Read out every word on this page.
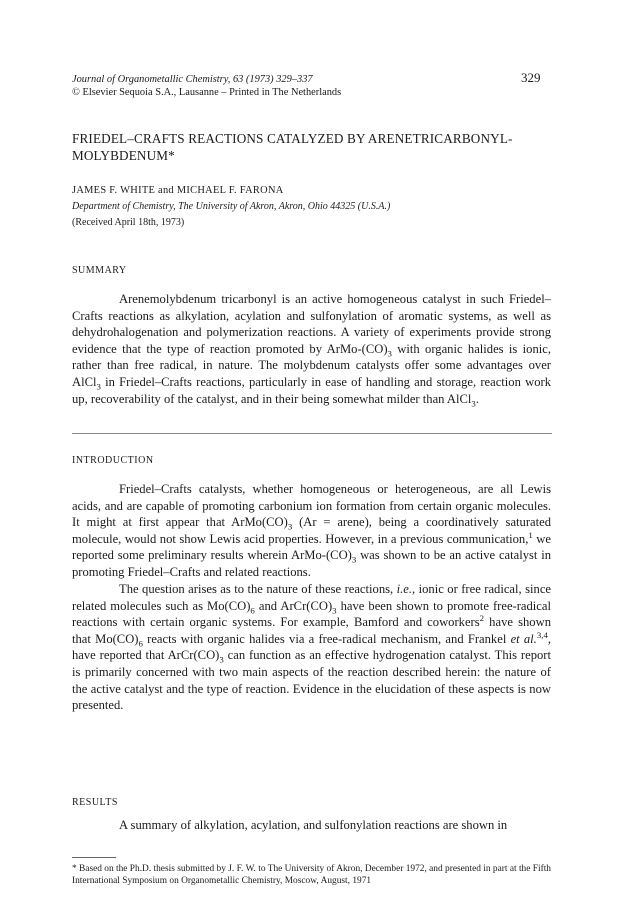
Journal of Organometallic Chemistry, 63 (1973) 329–337
© Elsevier Sequoia S.A., Lausanne – Printed in The Netherlands
329
FRIEDEL–CRAFTS REACTIONS CATALYZED BY ARENETRICARBONYL-
MOLYBDENUM*
JAMES F. WHITE and MICHAEL F. FARONA
Department of Chemistry, The University of Akron, Akron, Ohio 44325 (U.S.A.)
(Received April 18th, 1973)
SUMMARY
Arenemolybdenum tricarbonyl is an active homogeneous catalyst in such Friedel–Crafts reactions as alkylation, acylation and sulfonylation of aromatic systems, as well as dehydrohalogenation and polymerization reactions. A variety of experiments provide strong evidence that the type of reaction promoted by ArMo-$(CO)_3$ with organic halides is ionic, rather than free radical, in nature. The molybdenum catalysts offer some advantages over AlCl$_3$ in Friedel–Crafts reactions, particularly in ease of handling and storage, reaction work up, recoverability of the catalyst, and in their being somewhat milder than AlCl$_3$.
INTRODUCTION
Friedel–Crafts catalysts, whether homogeneous or heterogeneous, are all Lewis acids, and are capable of promoting carbonium ion formation from certain organic molecules. It might at first appear that $ArMo(CO)_3$ (Ar = arene), being a coordinatively saturated molecule, would not show Lewis acid properties. However, in a previous communication,$^1$ we reported some preliminary results wherein ArMo-$(CO)_3$ was shown to be an active catalyst in promoting Friedel–Crafts and related reactions.
The question arises as to the nature of these reactions, i.e., ionic or free radical, since related molecules such as $Mo(CO)_6$ and $ArCr(CO)_3$ have been shown to promote free-radical reactions with certain organic systems. For example, Bamford and coworkers$^2$ have shown that $Mo(CO)_6$ reacts with organic halides via a free-radical mechanism, and Frankel et al.$^{3,4}$, have reported that $ArCr(CO)_3$ can function as an effective hydrogenation catalyst. This report is primarily concerned with two main aspects of the reaction described herein: the nature of the active catalyst and the type of reaction. Evidence in the elucidation of these aspects is now presented.
RESULTS
A summary of alkylation, acylation, and sulfonylation reactions are shown in
* Based on the Ph.D. thesis submitted by J. F. W. to The University of Akron, December 1972, and presented in part at the Fifth International Symposium on Organometallic Chemistry, Moscow, August, 1971
